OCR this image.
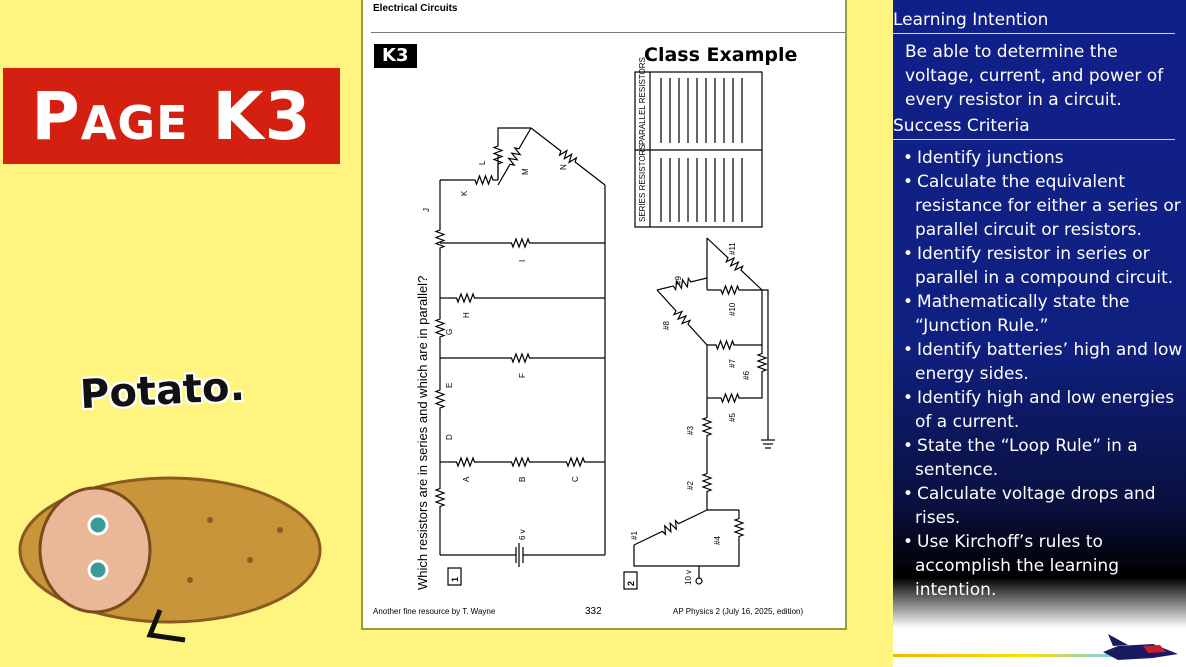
Page K3
Potato.
Electrical Circuits
K3	Class Example
PARALLEL RESISTORS
SERIES RESISTORS
Which resistors are in series and which are in parallel? 1
2
6 v
10 v
D
E
G
J
K
L
M
N
I
H
F
A	B	C
#1
#4
#2
#3
#5
#6
#7
#8
#9
#10
#11
Another fine resource by T. Wayne	332	AP Physics 2 (July 16, 2025, edition)
Learning Intention
Be able to determine the voltage, current, and power of every resistor in a circuit.
Success Criteria
• Identify junctions
• Calculate the equivalent resistance for either a series or parallel circuit or resistors.
• Identify resistor in series or parallel in a compound circuit.
• Mathematically state the “Junction Rule.”
• Identify batteries’ high and low energy sides.
• Identify high and low energies of a current.
• State the “Loop Rule” in a sentence.
• Calculate voltage drops and rises.
• Use Kirchoff’s rules to accomplish the learning intention.
